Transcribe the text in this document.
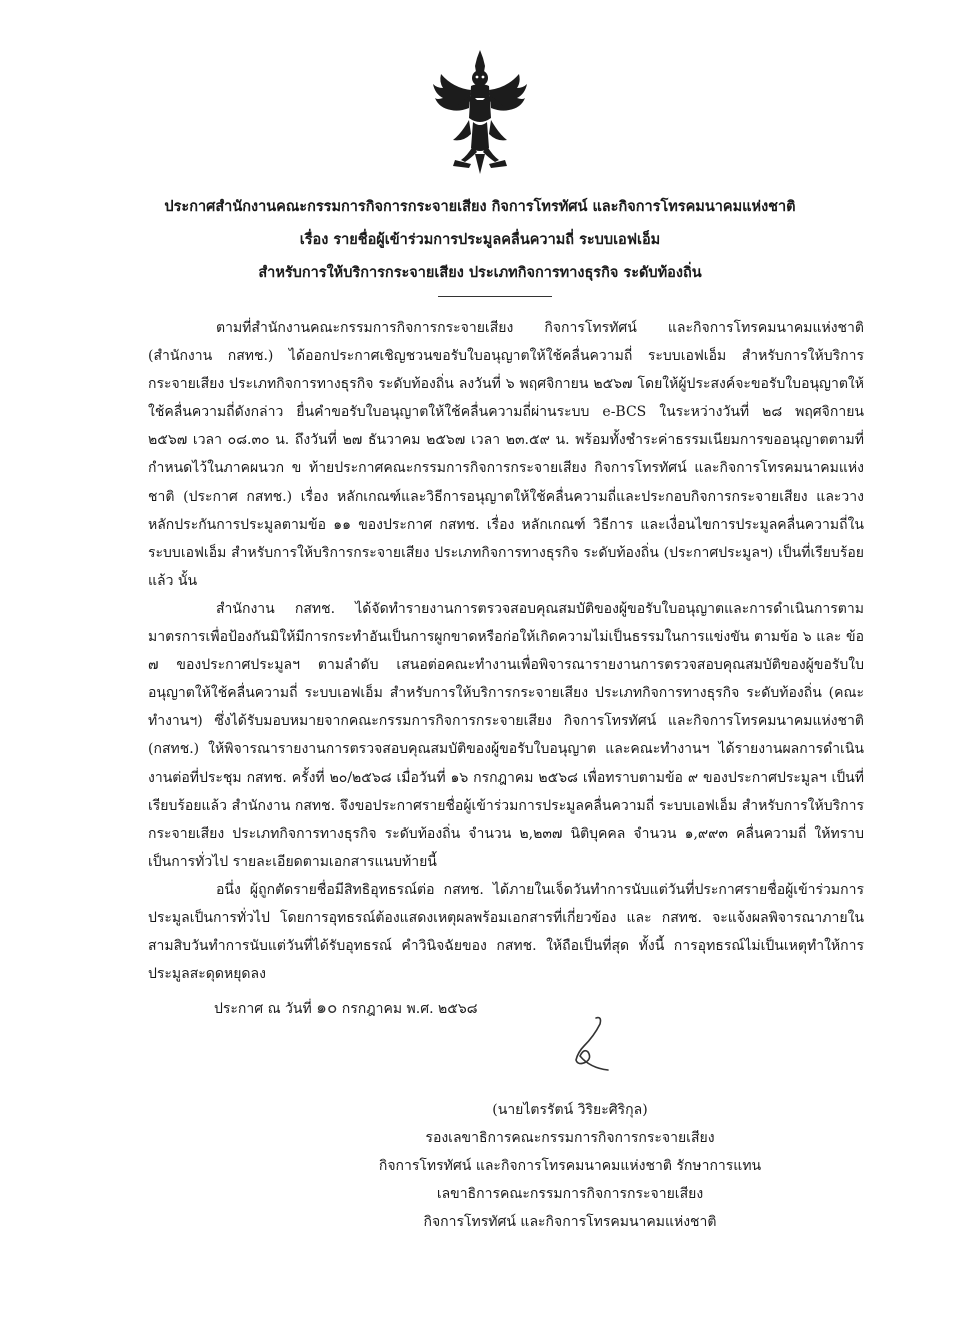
ประกาศสำนักงานคณะกรรมการกิจการกระจายเสียง กิจการโทรทัศน์ และกิจการโทรคมนาคมแห่งชาติ
เรื่อง รายชื่อผู้เข้าร่วมการประมูลคลื่นความถี่ ระบบเอฟเอ็ม
สำหรับการให้บริการกระจายเสียง ประเภทกิจการทางธุรกิจ ระดับท้องถิ่น

ตามที่สำนักงานคณะกรรมการกิจการกระจายเสียง กิจการโทรทัศน์ และกิจการโทรคมนาคมแห่งชาติ (สำนักงาน กสทช.) ได้ออกประกาศเชิญชวนขอรับใบอนุญาตให้ใช้คลื่นความถี่ ระบบเอฟเอ็ม สำหรับการให้บริการกระจายเสียง ประเภทกิจการทางธุรกิจ ระดับท้องถิ่น ลงวันที่ ๖ พฤศจิกายน ๒๕๖๗ โดยให้ผู้ประสงค์จะขอรับใบอนุญาตให้ใช้คลื่นความถี่ดังกล่าว ยื่นคำขอรับใบอนุญาตให้ใช้คลื่นความถี่ผ่านระบบ e-BCS ในระหว่างวันที่ ๒๘ พฤศจิกายน ๒๕๖๗ เวลา ๐๘.๓๐ น. ถึงวันที่ ๒๗ ธันวาคม ๒๕๖๗ เวลา ๒๓.๕๙ น. พร้อมทั้งชำระค่าธรรมเนียมการขออนุญาตตามที่กำหนดไว้ในภาคผนวก ข ท้ายประกาศคณะกรรมการกิจการกระจายเสียง กิจการโทรทัศน์ และกิจการโทรคมนาคมแห่งชาติ (ประกาศ กสทช.) เรื่อง หลักเกณฑ์และวิธีการอนุญาตให้ใช้คลื่นความถี่และประกอบกิจการกระจายเสียง และวางหลักประกันการประมูลตามข้อ ๑๑ ของประกาศ กสทช. เรื่อง หลักเกณฑ์ วิธีการ และเงื่อนไขการประมูลคลื่นความถี่ในระบบเอฟเอ็ม สำหรับการให้บริการกระจายเสียง ประเภทกิจการทางธุรกิจ ระดับท้องถิ่น (ประกาศประมูลฯ) เป็นที่เรียบร้อยแล้ว นั้น

สำนักงาน กสทช. ได้จัดทำรายงานการตรวจสอบคุณสมบัติของผู้ขอรับใบอนุญาตและการดำเนินการตามมาตรการเพื่อป้องกันมิให้มีการกระทำอันเป็นการผูกขาดหรือก่อให้เกิดความไม่เป็นธรรมในการแข่งขัน ตามข้อ ๖ และ ข้อ ๗ ของประกาศประมูลฯ ตามลำดับ เสนอต่อคณะทำงานเพื่อพิจารณารายงานการตรวจสอบคุณสมบัติของผู้ขอรับใบอนุญาตให้ใช้คลื่นความถี่ ระบบเอฟเอ็ม สำหรับการให้บริการกระจายเสียง ประเภทกิจการทางธุรกิจ ระดับท้องถิ่น (คณะทำงานฯ) ซึ่งได้รับมอบหมายจากคณะกรรมการกิจการกระจายเสียง กิจการโทรทัศน์ และกิจการโทรคมนาคมแห่งชาติ (กสทช.) ให้พิจารณารายงานการตรวจสอบคุณสมบัติของผู้ขอรับใบอนุญาต และคณะทำงานฯ ได้รายงานผลการดำเนินงานต่อที่ประชุม กสทช. ครั้งที่ ๒๐/๒๕๖๘ เมื่อวันที่ ๑๖ กรกฎาคม ๒๕๖๘ เพื่อทราบตามข้อ ๙ ของประกาศประมูลฯ เป็นที่เรียบร้อยแล้ว สำนักงาน กสทช. จึงขอประกาศรายชื่อผู้เข้าร่วมการประมูลคลื่นความถี่ ระบบเอฟเอ็ม สำหรับการให้บริการกระจายเสียง ประเภทกิจการทางธุรกิจ ระดับท้องถิ่น จำนวน ๒,๒๓๗ นิติบุคคล จำนวน ๑,๙๙๓ คลื่นความถี่ ให้ทราบเป็นการทั่วไป รายละเอียดตามเอกสารแนบท้ายนี้

อนึ่ง ผู้ถูกตัดรายชื่อมีสิทธิอุทธรณ์ต่อ กสทช. ได้ภายในเจ็ดวันทำการนับแต่วันที่ประกาศรายชื่อผู้เข้าร่วมการประมูลเป็นการทั่วไป โดยการอุทธรณ์ต้องแสดงเหตุผลพร้อมเอกสารที่เกี่ยวข้อง และ กสทช. จะแจ้งผลพิจารณาภายในสามสิบวันทำการนับแต่วันที่ได้รับอุทธรณ์ คำวินิจฉัยของ กสทช. ให้ถือเป็นที่สุด ทั้งนี้ การอุทธรณ์ไม่เป็นเหตุทำให้การประมูลสะดุดหยุดลง

ประกาศ ณ วันที่ ๑๐ กรกฎาคม พ.ศ. ๒๕๖๘
(นายไตรรัตน์ วิริยะศิริกุล)
รองเลขาธิการคณะกรรมการกิจการกระจายเสียง
กิจการโทรทัศน์ และกิจการโทรคมนาคมแห่งชาติ รักษาการแทน
เลขาธิการคณะกรรมการกิจการกระจายเสียง
กิจการโทรทัศน์ และกิจการโทรคมนาคมแห่งชาติ
